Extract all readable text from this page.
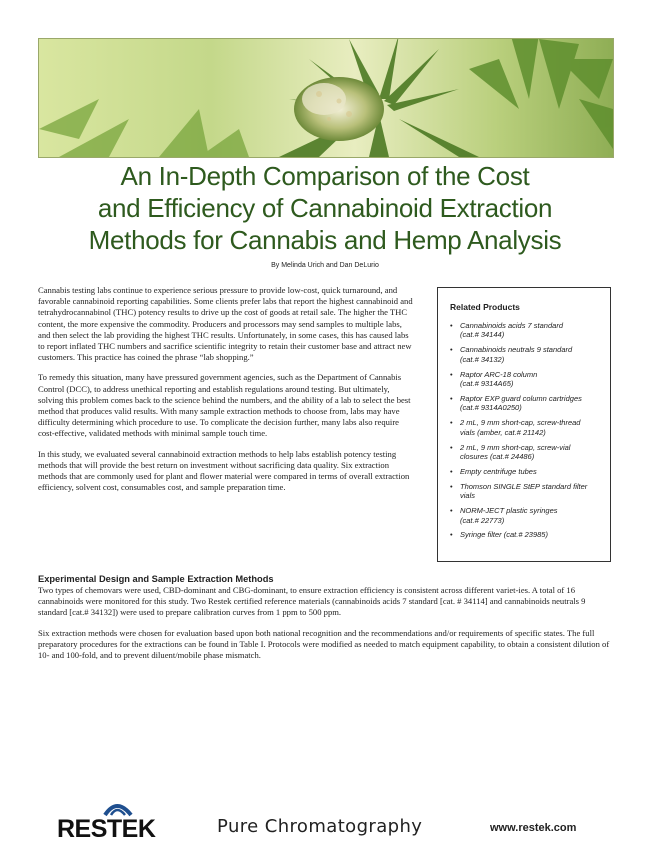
An In-Depth Comparison of the Cost
and Efficiency of Cannabinoid Extraction
Methods for Cannabis and Hemp Analysis
By Melinda Urich and Dan DeLurio

Cannabis testing labs continue to experience serious pressure to provide low-cost, quick turnaround, and favorable cannabinoid reporting capabilities. Some clients prefer labs that report the highest cannabinoid and tetrahydrocannabinol (THC) potency results to drive up the cost of goods at retail sale. The higher the THC content, the more expensive the commodity. Producers and processors may send samples to multiple labs, and then select the lab providing the highest THC results. Unfortunately, in some cases, this has caused labs to report inflated THC numbers and sacrifice scientific integrity to retain their customer base and attract new customers. This practice has coined the phrase “lab shopping.”

To remedy this situation, many have pressured government agencies, such as the Department of Cannabis Control (DCC), to address unethical reporting and establish regulations around testing. But ultimately, solving this problem comes back to the science behind the numbers, and the ability of a lab to select the best method that produces valid results. With many sample extraction methods to choose from, labs may have difficulty determining which procedure to use. To complicate the decision further, many labs also require cost-effective, validated methods with minimal sample touch time.

In this study, we evaluated several cannabinoid extraction methods to help labs establish potency testing methods that will provide the best return on investment without sacrificing data quality. Six extraction methods that are commonly used for plant and flower material were compared in terms of overall extraction efficiency, solvent cost, consumables cost, and sample preparation time.

Related Products
• Cannabinoids acids 7 standard
(cat.# 34144)
• Cannabinoids neutrals 9 standard
(cat.# 34132)
• Raptor ARC-18 column
(cat.# 9314A65)
• Raptor EXP guard column cartridges
(cat.# 9314A0250)
• 2 mL, 9 mm short-cap, screw-thread
vials (amber, cat.# 21142)
• 2 mL, 9 mm short-cap, screw-vial
closures (cat.# 24486)
• Empty centrifuge tubes
• Thomson SINGLE StEP standard filter
vials
• NORM-JECT plastic syringes
(cat.# 22773)
• Syringe filter (cat.# 23985)
Experimental Design and Sample Extraction Methods

Two types of chemovars were used, CBD-dominant and CBG-dominant, to ensure extraction efficiency is consistent across different variet-ies. A total of 16 cannabinoids were monitored for this study. Two Restek certified reference materials (cannabinoids acids 7 standard [cat. # 34114] and cannabinoids neutrals 9 standard [cat.# 34132]) were used to prepare calibration curves from 1 ppm to 500 ppm.

Six extraction methods were chosen for evaluation based upon both national recognition and the recommendations and/or requirements of specific states. The full preparatory procedures for the extractions can be found in Table I. Protocols were modified as needed to match equipment capability, to obtain a consistent dilution of 10- and 100-fold, and to prevent diluent/mobile phase mismatch.

RESTEK	Pure Chromatography	www.restek.com
